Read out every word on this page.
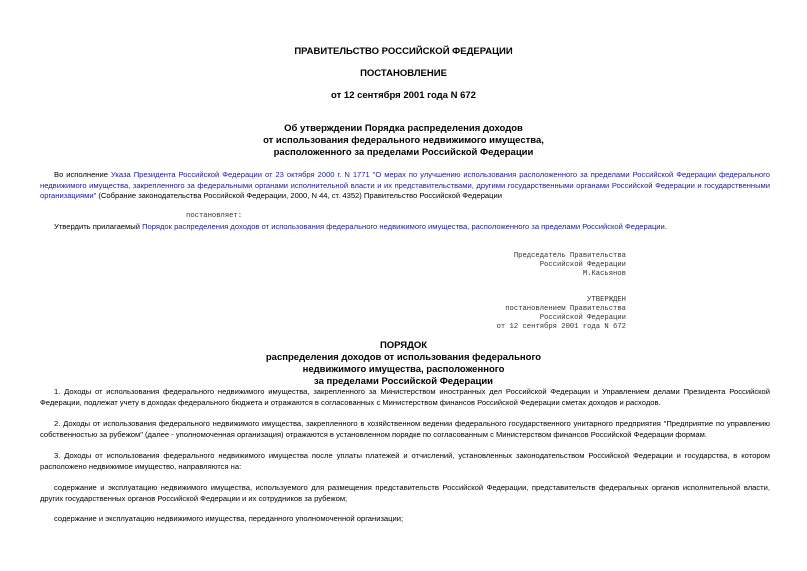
ПРАВИТЕЛЬСТВО РОССИЙСКОЙ ФЕДЕРАЦИИ
ПОСТАНОВЛЕНИЕ
от 12 сентября 2001 года N 672
Об утверждении Порядка распределения доходов
от использования федерального недвижимого имущества,
расположенного за пределами Российской Федерации
Во исполнение Указа Президента Российской Федерации от 23 октября 2000 г. N 1771 "О мерах по улучшению использования расположенного за пределами Российской Федерации федерального недвижимого имущества, закрепленного за федеральными органами исполнительной власти и их представительствами, другими государственными органами Российской Федерации и государственными организациями" (Собрание законодательства Российской Федерации, 2000, N 44, ст. 4352) Правительство Российской Федерации
постановляет:
Утвердить прилагаемый Порядок распределения доходов от использования федерального недвижимого имущества, расположенного за пределами Российской Федерации.
Председатель Правительства
Российской Федерации
М.Касьянов
УТВЕРЖДЕН
постановлением Правительства
Российской Федерации
от 12 сентября 2001 года N 672
ПОРЯДОК
распределения доходов от использования федерального
недвижимого имущества, расположенного
за пределами Российской Федерации
1. Доходы от использования федерального недвижимого имущества, закрепленного за Министерством иностранных дел Российской Федерации и Управлением делами Президента Российской Федерации, подлежат учету в доходах федерального бюджета и отражаются в согласованных с Министерством финансов Российской Федерации сметах доходов и расходов.
2. Доходы от использования федерального недвижимого имущества, закрепленного в хозяйственном ведении федерального государственного унитарного предприятия "Предприятие по управлению собственностью за рубежом" (далее - уполномоченная организация) отражаются в установленном порядке по согласованным с Министерством финансов Российской Федерации формам.
3. Доходы от использования федерального недвижимого имущества после уплаты платежей и отчислений, установленных законодательством Российской Федерации и государства, в котором расположено недвижимое имущество, направляются на:
содержание и эксплуатацию недвижимого имущества, используемого для размещения представительств Российской Федерации, представительств федеральных органов исполнительной власти, других государственных органов Российской Федерации и их сотрудников за рубежом;
содержание и эксплуатацию недвижимого имущества, переданного уполномоченной организации;
